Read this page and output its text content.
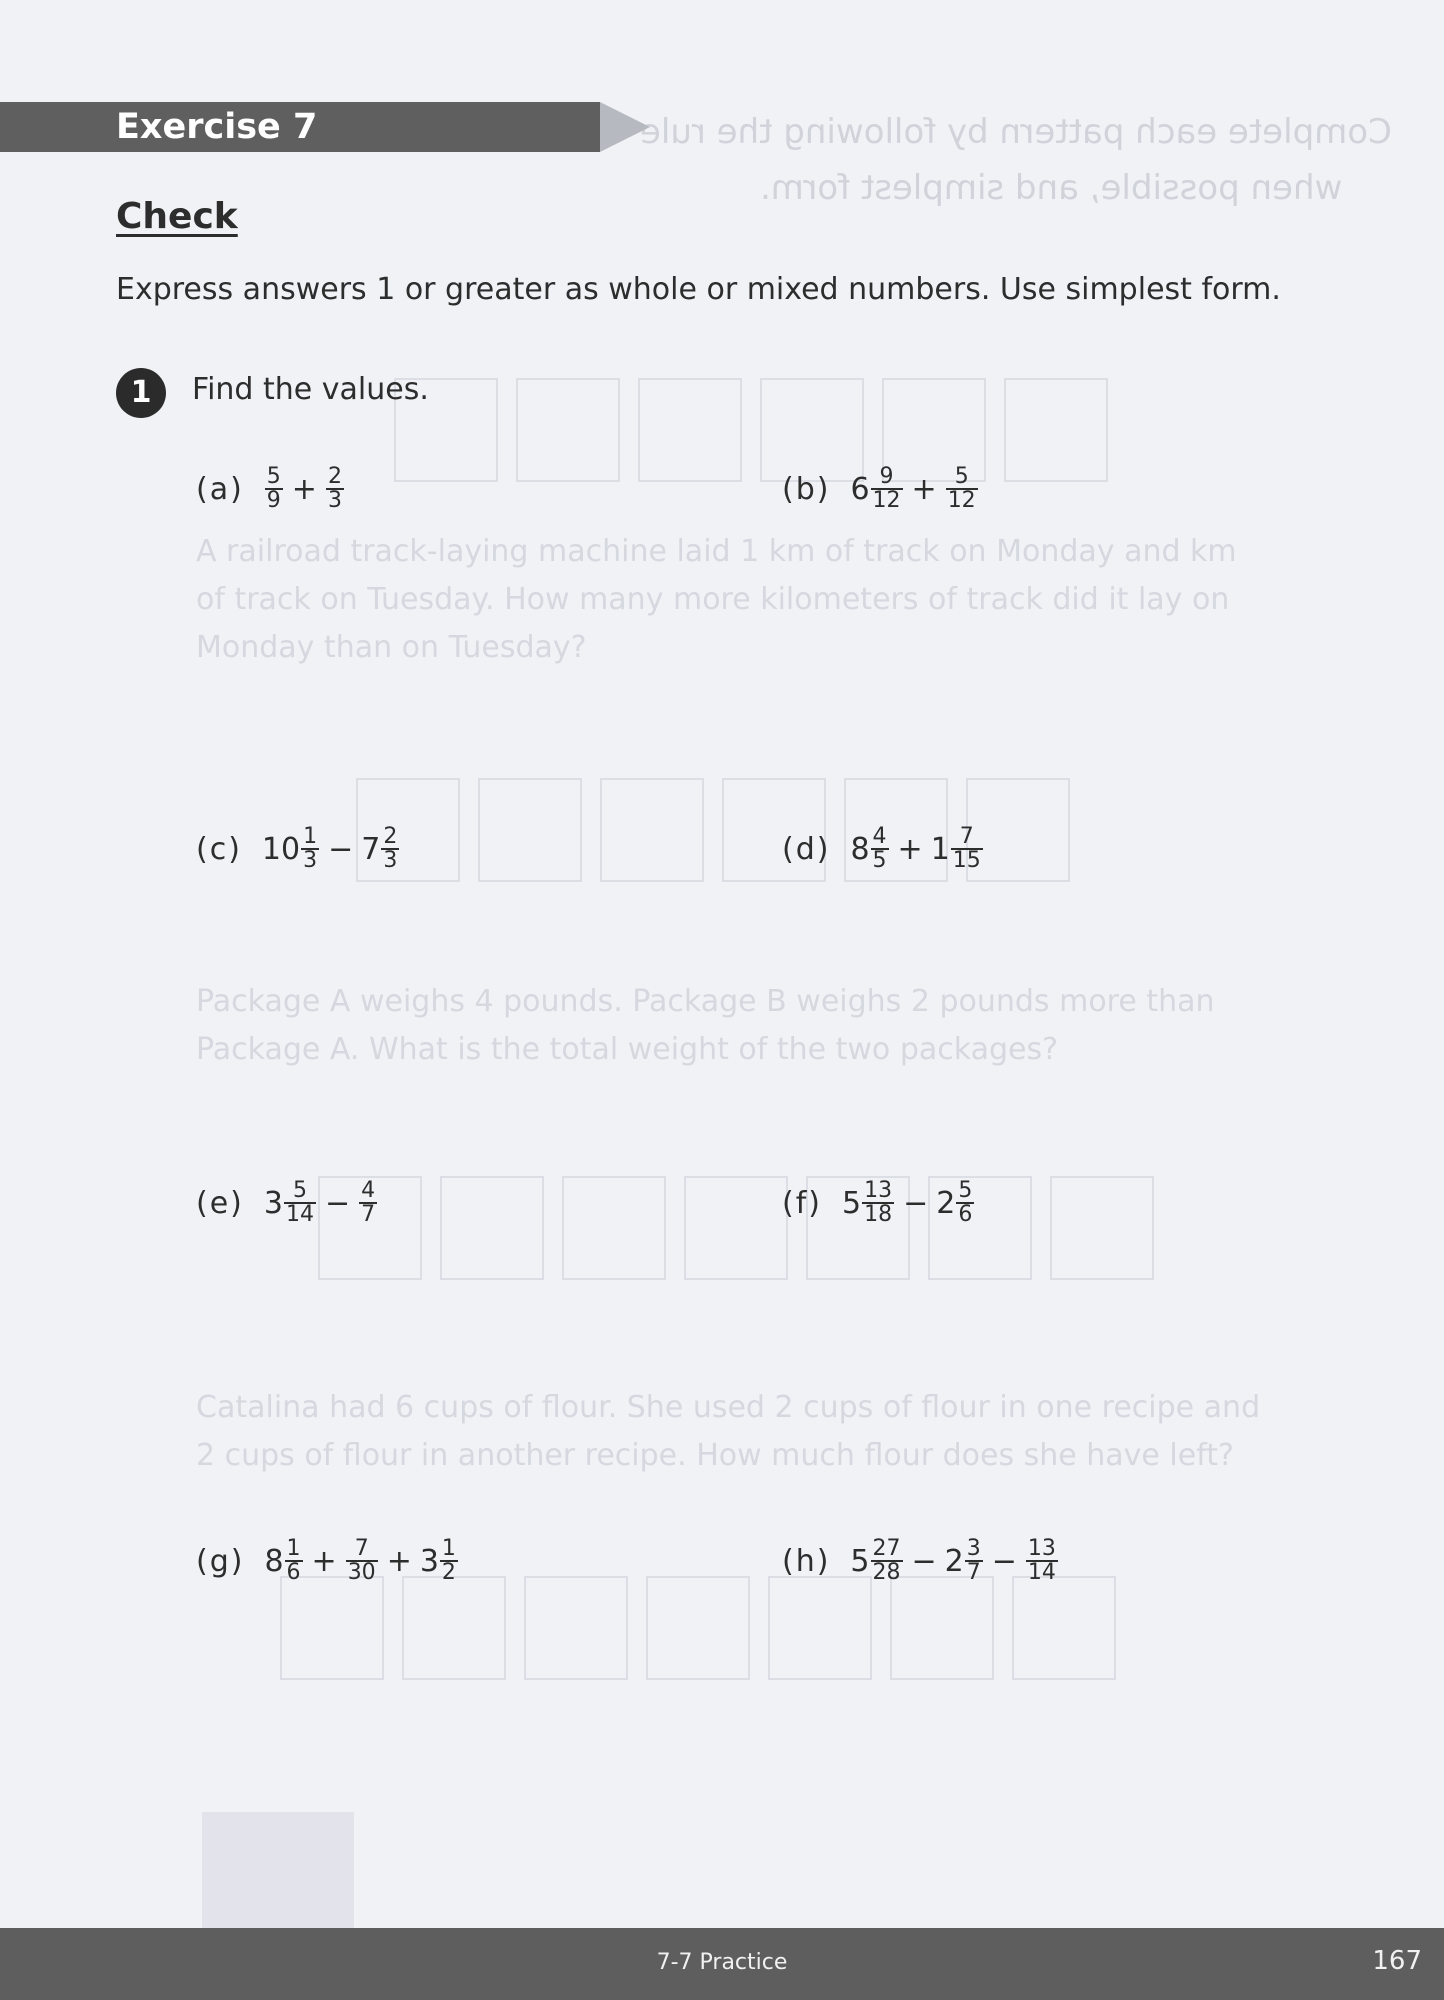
Complete each pattern by following the rule
when possible, and simplest form.
A railroad track-laying machine laid 1 km of track on Monday and km
of track on Tuesday. How many more kilometers of track did it lay on
Monday than on Tuesday?
Package A weighs 4 pounds. Package B weighs 2 pounds more than
Package A. What is the total weight of the two packages?
Catalina had 6 cups of flour. She used 2 cups of flour in one recipe and
2 cups of flour in another recipe. How much flour does she have left?
Exercise 7
Check
Express answers 1 or greater as whole or mixed numbers. Use simplest form.
1	Find the values.
$(a) \frac{5}{9} + \frac{2}{3}$	(b) $6 \frac{9}{12} + \frac{5}{12}$
(c) $10 \frac{1}{3} - 7 \frac{2}{3}$	(d) $8 \frac{4}{5} + 1 \frac{7}{15}$
(e) $3 \frac{5}{14} - \frac{4}{7}$	(f) $5 \frac{13}{18} - 2 \frac{5}{6}$
(g) $8 \frac{1}{6} + \frac{7}{30} + 3 \frac{1}{2}$	(h) $5 \frac{27}{28} - 2 \frac{3}{7} - \frac{13}{14}$
7-7 Practice	167
